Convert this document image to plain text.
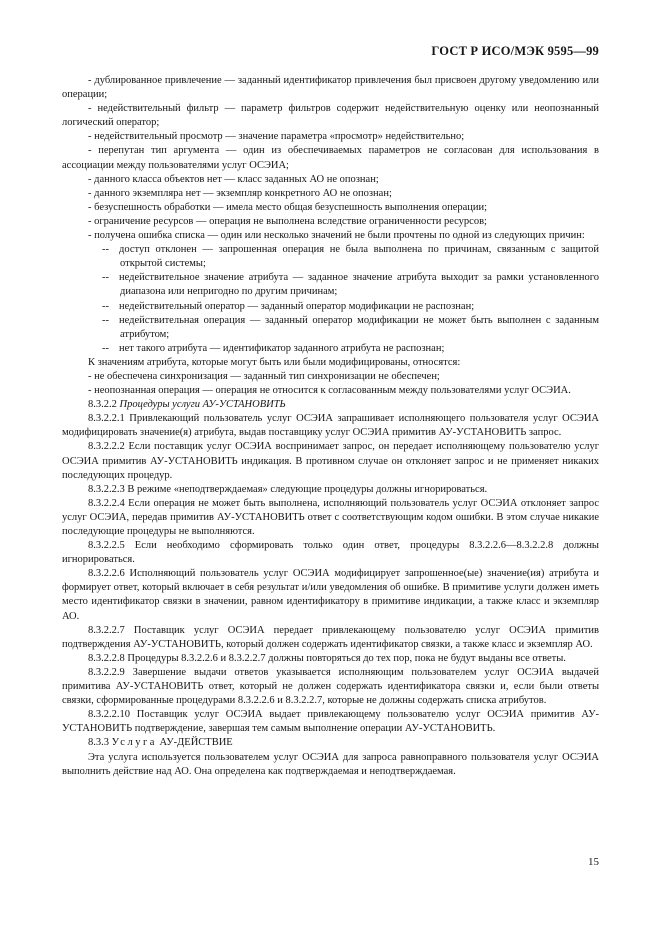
ГОСТ Р ИСО/МЭК 9595—99

- дублированное привлечение — заданный идентификатор привлечения был присвоен другому уведомлению или операции;

- недействительный фильтр — параметр фильтров содержит недействительную оценку или неопознанный логический оператор;

- недействительный просмотр — значение параметра «просмотр» недействительно;

- перепутан тип аргумента — один из обеспечиваемых параметров не согласован для использования в ассоциации между пользователями услуг ОСЭИА;

- данного класса объектов нет — класс заданных АО не опознан;

- данного экземпляра нет — экземпляр конкретного АО не опознан;

- безуспешность обработки — имела место общая безуспешность выполнения операции;

- ограничение ресурсов — операция не выполнена вследствие ограниченности ресурсов;

- получена ошибка списка — один или несколько значений не были прочтены по одной из следующих причин:

-- доступ отклонен — запрошенная операция не была выполнена по причинам, связанным с защитой открытой системы;

-- недействительное значение атрибута — заданное значение атрибута выходит за рамки установленного диапазона или непригодно по другим причинам;

-- недействительный оператор — заданный оператор модификации не распознан;

-- недействительная операция — заданный оператор модификации не может быть выполнен с заданным атрибутом;

-- нет такого атрибута — идентификатор заданного атрибута не распознан;

К значениям атрибута, которые могут быть или были модифицированы, относятся:

- не обеспечена синхронизация — заданный тип синхронизации не обеспечен;

- неопознанная операция — операция не относится к согласованным между пользователями услуг ОСЭИА.

8.3.2.2 Процедуры услуги АУ-УСТАНОВИТЬ

8.3.2.2.1 Привлекающий пользователь услуг ОСЭИА запрашивает исполняющего пользователя услуг ОСЭИА модифицировать значение(я) атрибута, выдав поставщику услуг ОСЭИА примитив АУ-УСТАНОВИТЬ запрос.

8.3.2.2.2 Если поставщик услуг ОСЭИА воспринимает запрос, он передает исполняющему пользователю услуг ОСЭИА примитив АУ-УСТАНОВИТЬ индикация. В противном случае он отклоняет запрос и не применяет никаких последующих процедур.

8.3.2.2.3 В режиме «неподтверждаемая» следующие процедуры должны игнорироваться.

8.3.2.2.4 Если операция не может быть выполнена, исполняющий пользователь услуг ОСЭИА отклоняет запрос услуг ОСЭИА, передав примитив АУ-УСТАНОВИТЬ ответ с соответствующим кодом ошибки. В этом случае никакие последующие процедуры не выполняются.

8.3.2.2.5 Если необходимо сформировать только один ответ, процедуры 8.3.2.2.6—8.3.2.2.8 должны игнорироваться.

8.3.2.2.6 Исполняющий пользователь услуг ОСЭИА модифицирует запрошенное(ые) значение(ия) атрибута и формирует ответ, который включает в себя результат и/или уведомления об ошибке. В примитиве услуги должен иметь место идентификатор связки в значении, равном идентификатору в примитиве индикации, а также класс и экземпляр АО.

8.3.2.2.7 Поставщик услуг ОСЭИА передает привлекающему пользователю услуг ОСЭИА примитив подтверждения АУ-УСТАНОВИТЬ, который должен содержать идентификатор связки, а также класс и экземпляр АО.

8.3.2.2.8 Процедуры 8.3.2.2.6 и 8.3.2.2.7 должны повторяться до тех пор, пока не будут выданы все ответы.

8.3.2.2.9 Завершение выдачи ответов указывается исполняющим пользователем услуг ОСЭИА выдачей примитива АУ-УСТАНОВИТЬ ответ, который не должен содержать идентификатора связки и, если были ответы связки, сформированные процедурами 8.3.2.2.6 и 8.3.2.2.7, которые не должны содержать списка атрибутов.

8.3.2.2.10 Поставщик услуг ОСЭИА выдает привлекающему пользователю услуг ОСЭИА примитив АУ-УСТАНОВИТЬ подтверждение, завершая тем самым выполнение операции АУ-УСТАНОВИТЬ.

8.3.3 Услуга АУ-ДЕЙСТВИЕ

Эта услуга используется пользователем услуг ОСЭИА для запроса равноправного пользователя услуг ОСЭИА выполнить действие над АО. Она определена как подтверждаемая и неподтверждаемая.

15
